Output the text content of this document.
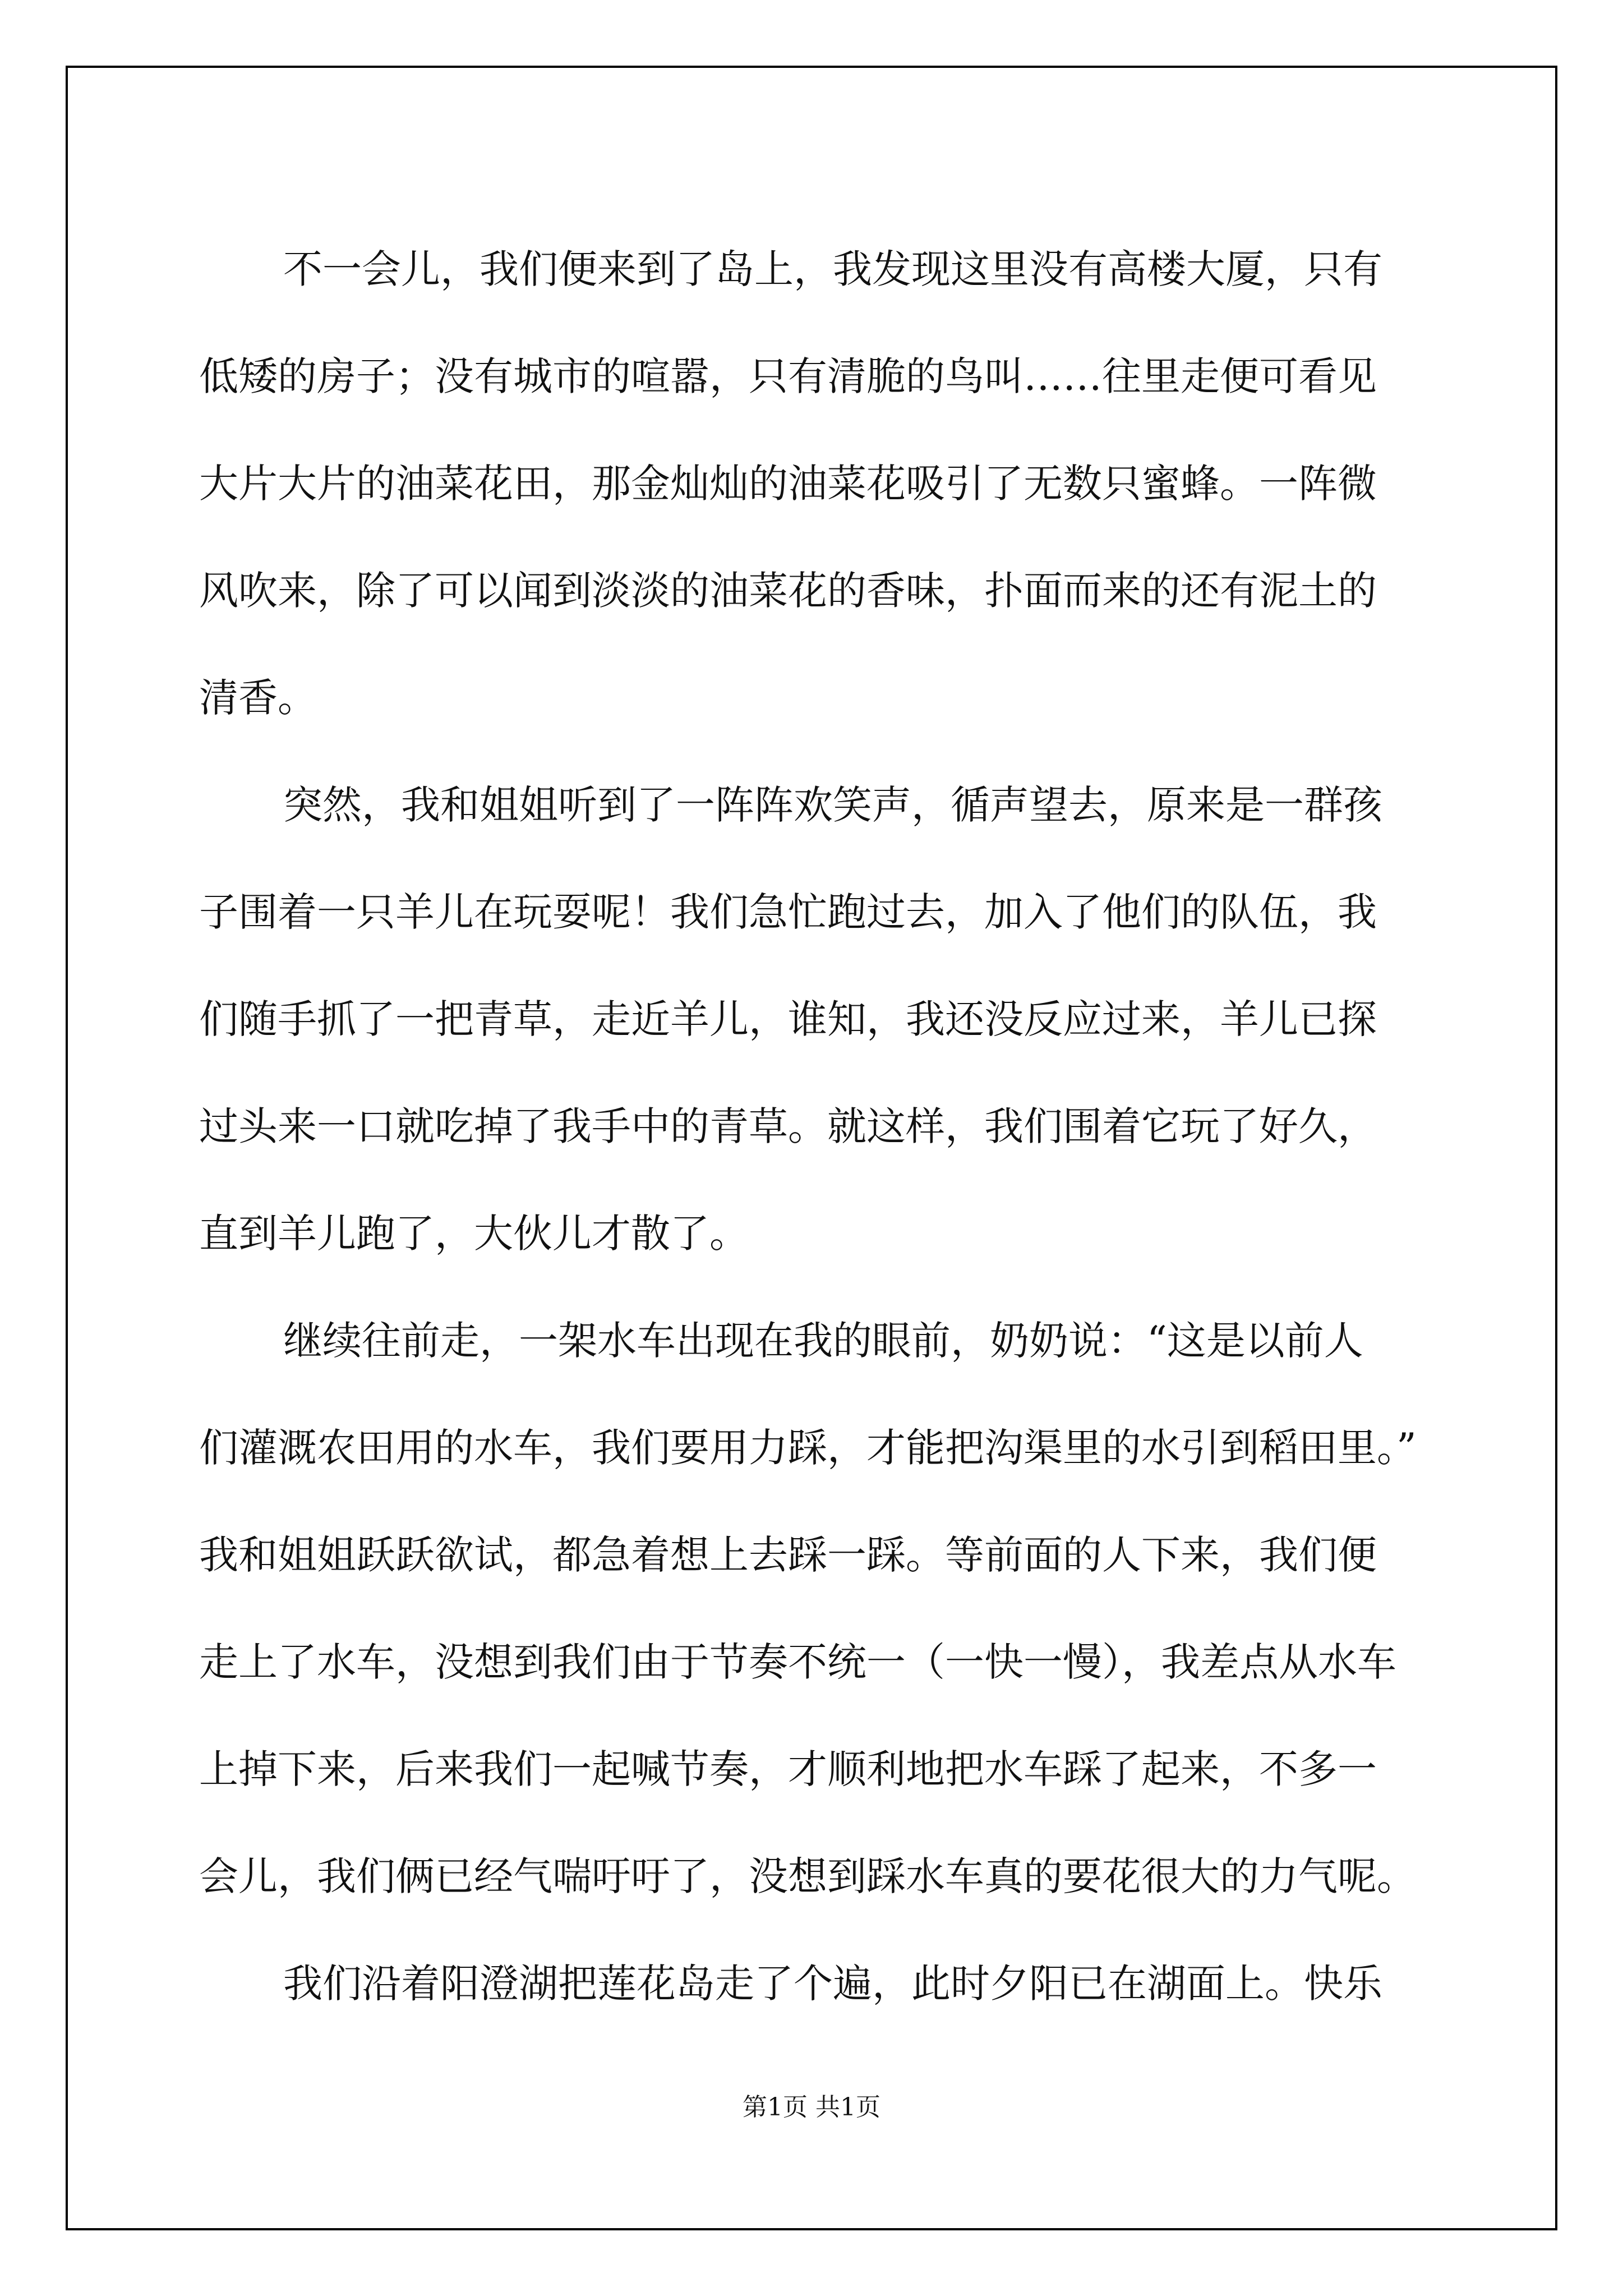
不一会儿，我们便来到了岛上，我发现这里没有高楼大厦，只有
低矮的房子；没有城市的喧嚣，只有清脆的鸟叫……往里走便可看见
大片大片的油菜花田，那金灿灿的油菜花吸引了无数只蜜蜂。一阵微
风吹来，除了可以闻到淡淡的油菜花的香味，扑面而来的还有泥土的
清香。
突然，我和姐姐听到了一阵阵欢笑声，循声望去，原来是一群孩
子围着一只羊儿在玩耍呢！我们急忙跑过去，加入了他们的队伍，我
们随手抓了一把青草，走近羊儿，谁知，我还没反应过来，羊儿已探
过头来一口就吃掉了我手中的青草。就这样，我们围着它玩了好久，
直到羊儿跑了，大伙儿才散了。
继续往前走，一架水车出现在我的眼前，奶奶说：“这是以前人
们灌溉农田用的水车，我们要用力踩，才能把沟渠里的水引到稻田里。”
我和姐姐跃跃欲试，都急着想上去踩一踩。等前面的人下来，我们便
走上了水车，没想到我们由于节奏不统一（一快一慢），我差点从水车
上掉下来，后来我们一起喊节奏，才顺利地把水车踩了起来，不多一
会儿，我们俩已经气喘吁吁了，没想到踩水车真的要花很大的力气呢。
我们沿着阳澄湖把莲花岛走了个遍，此时夕阳已在湖面上。快乐
第1页 共1页
